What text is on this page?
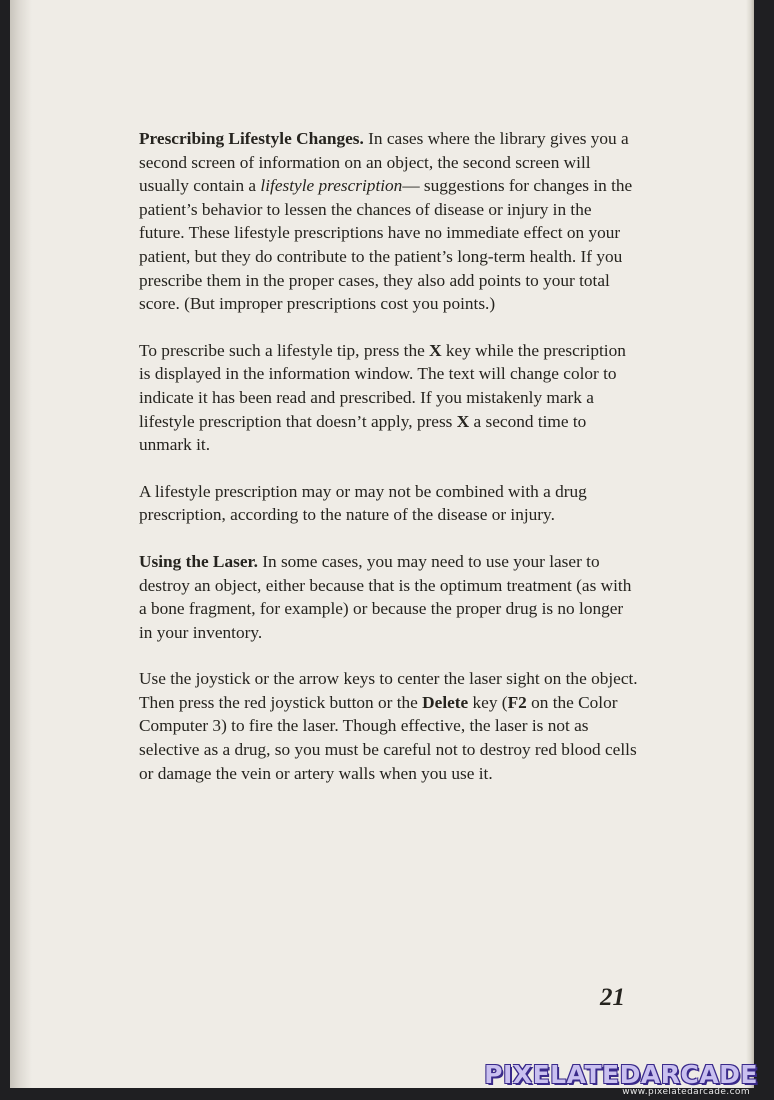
Prescribing Lifestyle Changes. In cases where the library gives you a second screen of information on an object, the second screen will usually contain a lifestyle prescription— suggestions for changes in the patient’s behavior to lessen the chances of disease or injury in the future. These lifestyle prescriptions have no immediate effect on your patient, but they do contribute to the patient’s long-term health. If you prescribe them in the proper cases, they also add points to your total score. (But improper prescriptions cost you points.)

To prescribe such a lifestyle tip, press the X key while the prescription is displayed in the information window. The text will change color to indicate it has been read and prescribed. If you mistakenly mark a lifestyle prescription that doesn’t apply, press X a second time to unmark it.

A lifestyle prescription may or may not be combined with a drug prescription, according to the nature of the disease or injury.

Using the Laser. In some cases, you may need to use your laser to destroy an object, either because that is the optimum treatment (as with a bone fragment, for example) or because the proper drug is no longer in your inventory.

Use the joystick or the arrow keys to center the laser sight on the object. Then press the red joystick button or the Delete key (F2 on the Color Computer 3) to fire the laser. Though effective, the laser is not as selective as a drug, so you must be careful not to destroy red blood cells or damage the vein or artery walls when you use it.

21
PIXELATEDARCADE
www.pixelatedarcade.com
